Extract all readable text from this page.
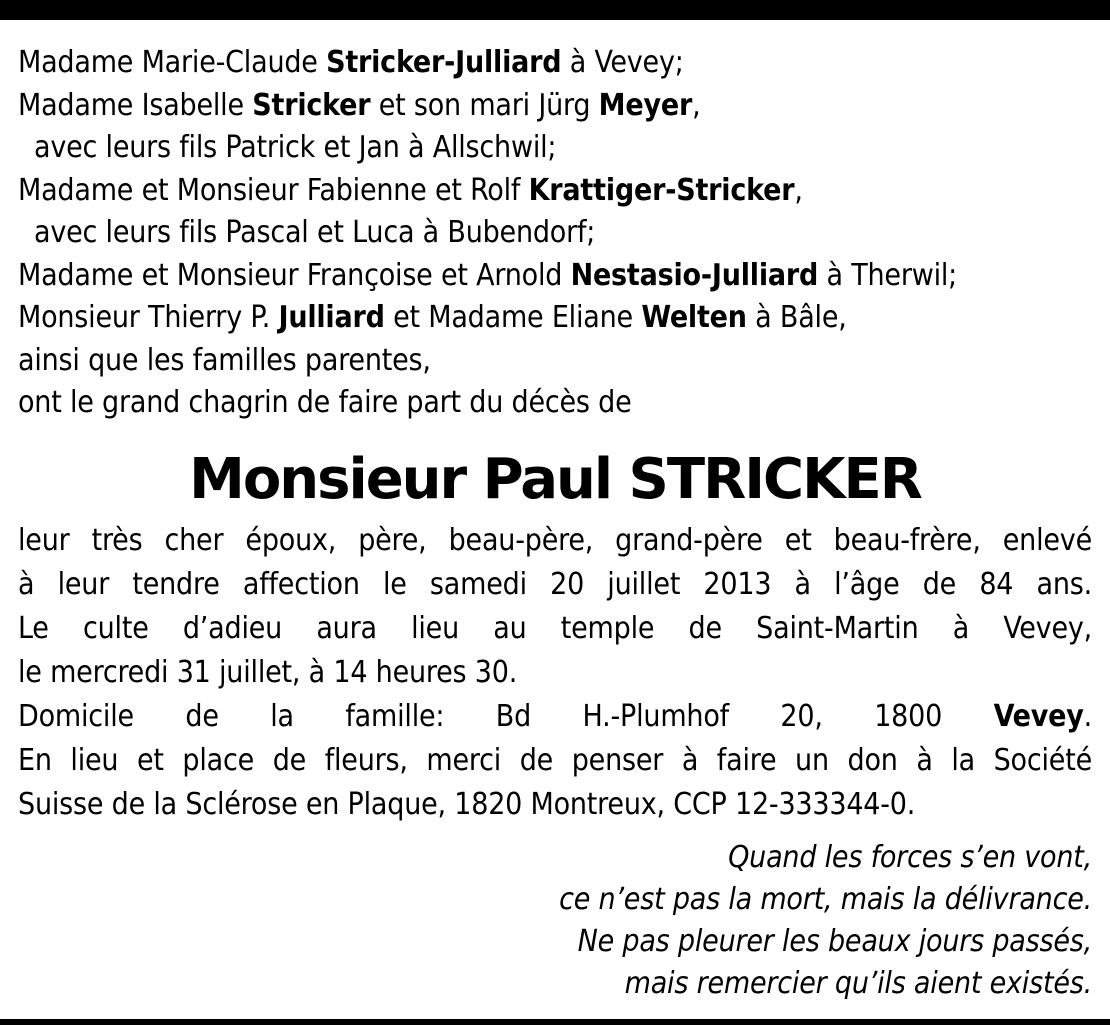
Madame Marie-Claude Stricker-Julliard à Vevey;
Madame Isabelle Stricker et son mari Jürg Meyer,
avec leurs fils Patrick et Jan à Allschwil;
Madame et Monsieur Fabienne et Rolf Krattiger-Stricker,
avec leurs fils Pascal et Luca à Bubendorf;
Madame et Monsieur Françoise et Arnold Nestasio-Julliard à Therwil;
Monsieur Thierry P. Julliard et Madame Eliane Welten à Bâle,
ainsi que les familles parentes,
ont le grand chagrin de faire part du décès de
Monsieur Paul STRICKER
leur très cher époux, père, beau-père, grand-père et beau-frère, enlevé
à leur tendre affection le samedi 20 juillet 2013 à l’âge de 84 ans.
Le culte d’adieu aura lieu au temple de Saint-Martin à Vevey,
le mercredi 31 juillet, à 14 heures 30.
Domicile de la famille: Bd H.-Plumhof 20, 1800 Vevey.
En lieu et place de fleurs, merci de penser à faire un don à la Société
Suisse de la Sclérose en Plaque, 1820 Montreux, CCP 12-333344-0.
Quand les forces s’en vont,
ce n’est pas la mort, mais la délivrance.
Ne pas pleurer les beaux jours passés,
mais remercier qu’ils aient existés.
